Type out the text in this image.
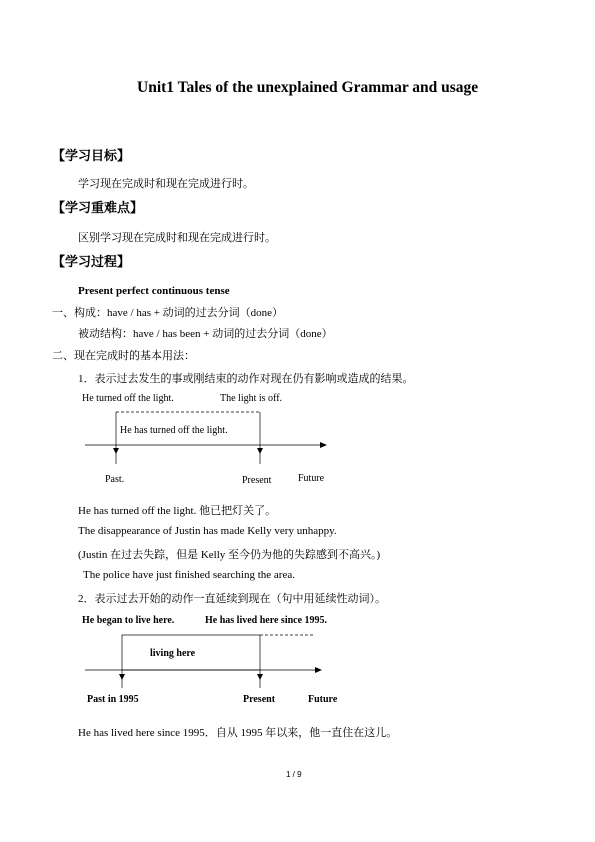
Unit1 Tales of the unexplained Grammar and usage
【学习目标】
学习现在完成时和现在完成进行时。
【学习重难点】
区别学习现在完成时和现在完成进行时。
【学习过程】
Present perfect continuous tense
一、构成：have / has + 动词的过去分词（done）
被动结构：have / has been + 动词的过去分词（done）
二、现在完成时的基本用法：
1．表示过去发生的事或刚结束的动作对现在仍有影响或造成的结果。
He turned off the light.	The light is off.
He has turned off the light.
Past.	Present	Future
He has turned off the light. 他已把灯关了。
The disappearance of Justin has made Kelly very unhappy.
(Justin 在过去失踪，但是 Kelly 至今仍为他的失踪感到不高兴。)
The police have just finished searching the area.
2．表示过去开始的动作一直延续到现在（句中用延续性动词）。
He began to live here.	He has lived here since 1995.
living here
Past in 1995	Present	Future
He has lived here since 1995．自从 1995 年以来，他一直住在这儿。
1 / 9
